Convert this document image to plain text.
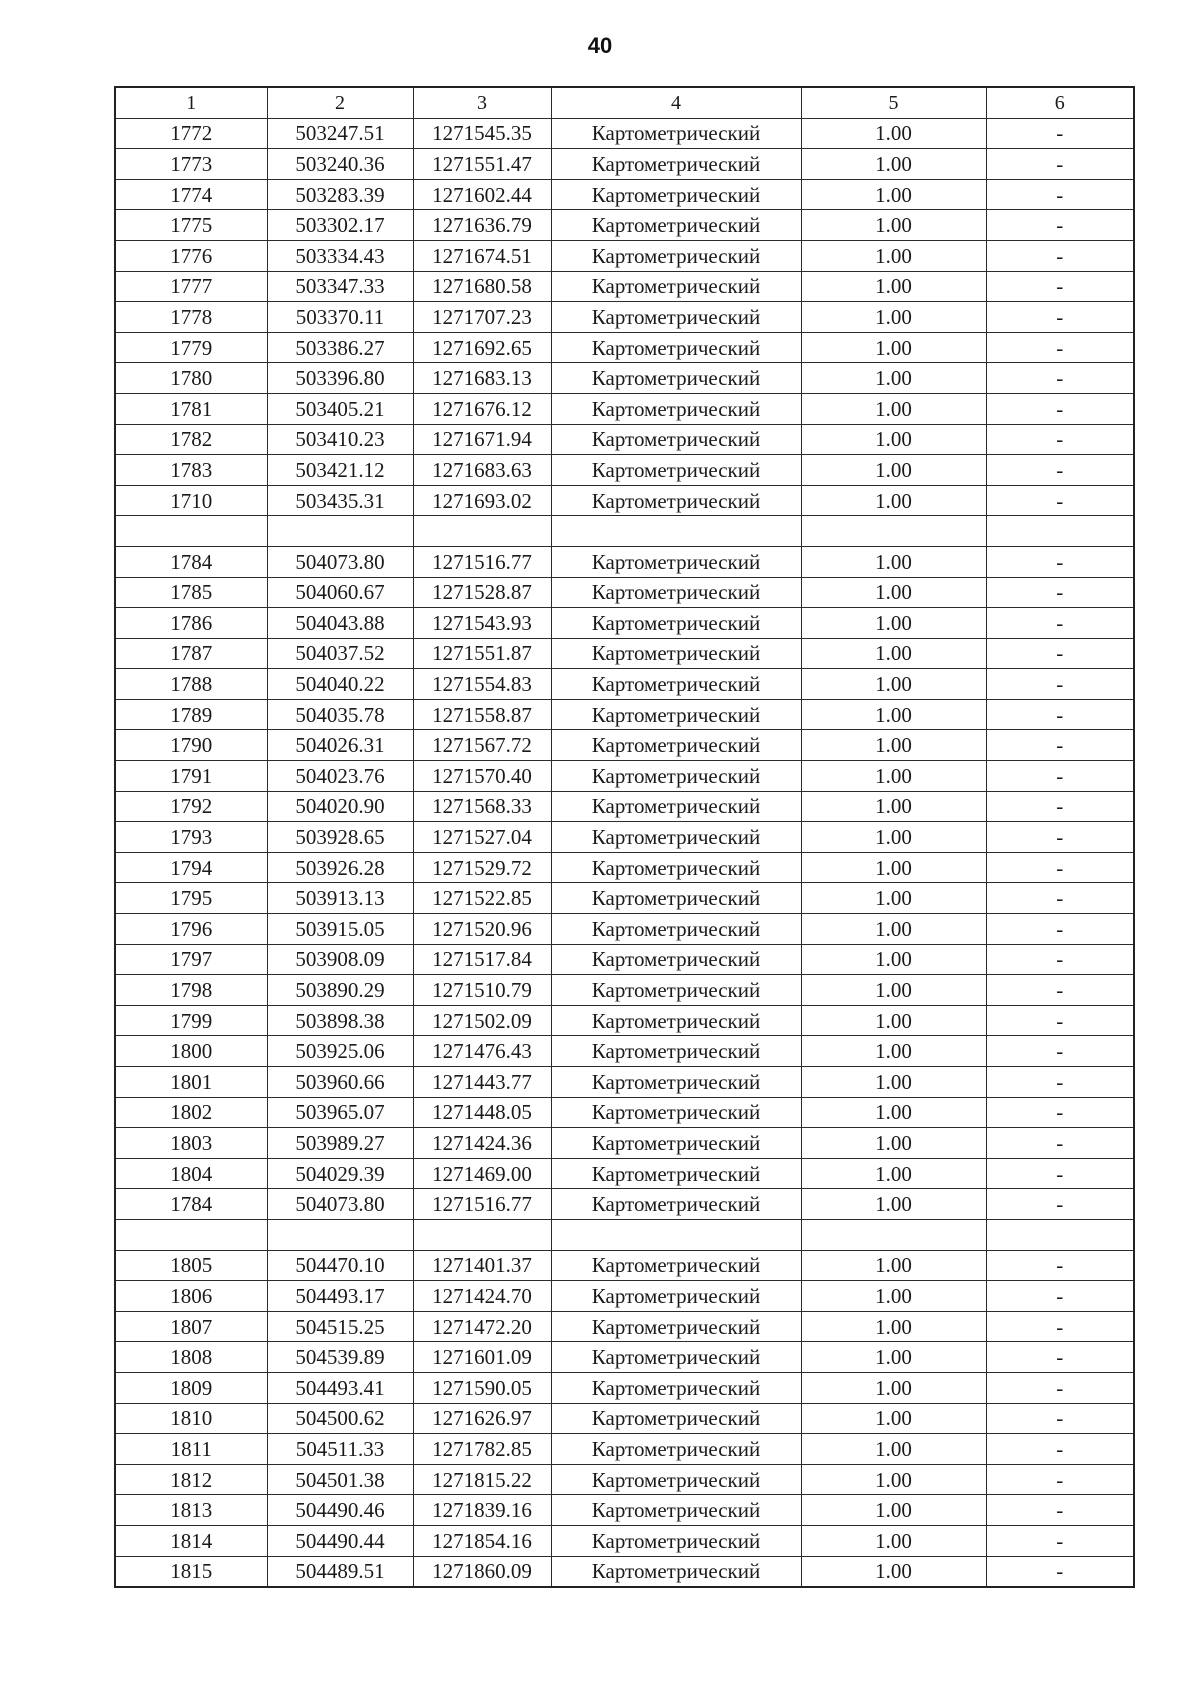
40
1	2	3	4	5	6
1772	503247.51	1271545.35	Картометрический	1.00	-
1773	503240.36	1271551.47	Картометрический	1.00	-
1774	503283.39	1271602.44	Картометрический	1.00	-
1775	503302.17	1271636.79	Картометрический	1.00	-
1776	503334.43	1271674.51	Картометрический	1.00	-
1777	503347.33	1271680.58	Картометрический	1.00	-
1778	503370.11	1271707.23	Картометрический	1.00	-
1779	503386.27	1271692.65	Картометрический	1.00	-
1780	503396.80	1271683.13	Картометрический	1.00	-
1781	503405.21	1271676.12	Картометрический	1.00	-
1782	503410.23	1271671.94	Картометрический	1.00	-
1783	503421.12	1271683.63	Картометрический	1.00	-
1710	503435.31	1271693.02	Картометрический	1.00	-

1784	504073.80	1271516.77	Картометрический	1.00	-
1785	504060.67	1271528.87	Картометрический	1.00	-
1786	504043.88	1271543.93	Картометрический	1.00	-
1787	504037.52	1271551.87	Картометрический	1.00	-
1788	504040.22	1271554.83	Картометрический	1.00	-
1789	504035.78	1271558.87	Картометрический	1.00	-
1790	504026.31	1271567.72	Картометрический	1.00	-
1791	504023.76	1271570.40	Картометрический	1.00	-
1792	504020.90	1271568.33	Картометрический	1.00	-
1793	503928.65	1271527.04	Картометрический	1.00	-
1794	503926.28	1271529.72	Картометрический	1.00	-
1795	503913.13	1271522.85	Картометрический	1.00	-
1796	503915.05	1271520.96	Картометрический	1.00	-
1797	503908.09	1271517.84	Картометрический	1.00	-
1798	503890.29	1271510.79	Картометрический	1.00	-
1799	503898.38	1271502.09	Картометрический	1.00	-
1800	503925.06	1271476.43	Картометрический	1.00	-
1801	503960.66	1271443.77	Картометрический	1.00	-
1802	503965.07	1271448.05	Картометрический	1.00	-
1803	503989.27	1271424.36	Картометрический	1.00	-
1804	504029.39	1271469.00	Картометрический	1.00	-
1784	504073.80	1271516.77	Картометрический	1.00	-

1805	504470.10	1271401.37	Картометрический	1.00	-
1806	504493.17	1271424.70	Картометрический	1.00	-
1807	504515.25	1271472.20	Картометрический	1.00	-
1808	504539.89	1271601.09	Картометрический	1.00	-
1809	504493.41	1271590.05	Картометрический	1.00	-
1810	504500.62	1271626.97	Картометрический	1.00	-
1811	504511.33	1271782.85	Картометрический	1.00	-
1812	504501.38	1271815.22	Картометрический	1.00	-
1813	504490.46	1271839.16	Картометрический	1.00	-
1814	504490.44	1271854.16	Картометрический	1.00	-
1815	504489.51	1271860.09	Картометрический	1.00	-
